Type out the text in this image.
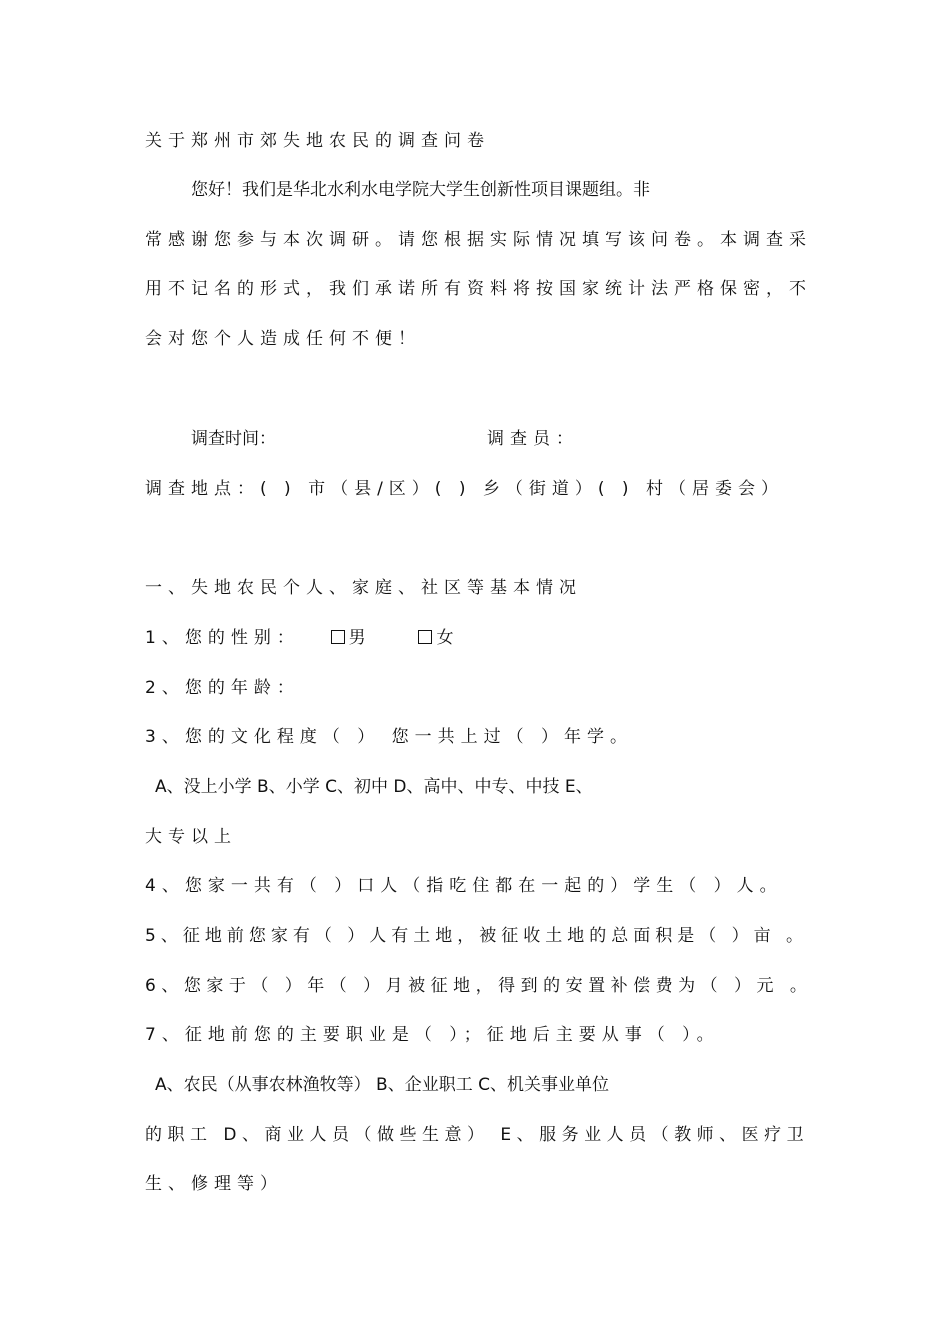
关于郑州市郊失地农民的调查问卷
您好！我们是华北水利水电学院大学生创新性项目课题组。非
常感谢您参与本次调研。请您根据实际情况填写该问卷。本调查采
用不记名的形式，我们承诺所有资料将按国家统计法严格保密，不
会对您个人造成任何不便！
调查时间：	调查员：
调查地点：( ) 市（县/区）( ) 乡（街道）( ) 村（居委会）
一、失地农民个人、家庭、社区等基本情况
1、您的性别：	男	女
2、您的年龄：
3、您的文化程度（ ） 您一共上过（ ）年学。
A、没上小学 B、小学 C、初中 D、高中、中专、中技 E、
大专以上
4、您家一共有（ ）口人（指吃住都在一起的）学生（ ）人。
5、征地前您家有（ ）人有土地，被征收土地的总面积是（ ）亩 。
6、您家于（ ）年（ ）月被征地，得到的安置补偿费为（ ）元 。
7、征地前您的主要职业是（ ）；征地后主要从事（ ）。
A、农民（从事农林渔牧等） B、企业职工 C、机关事业单位
的职工 D、商业人员（做些生意） E、服务业人员（教师、医疗卫
生、修理等）
